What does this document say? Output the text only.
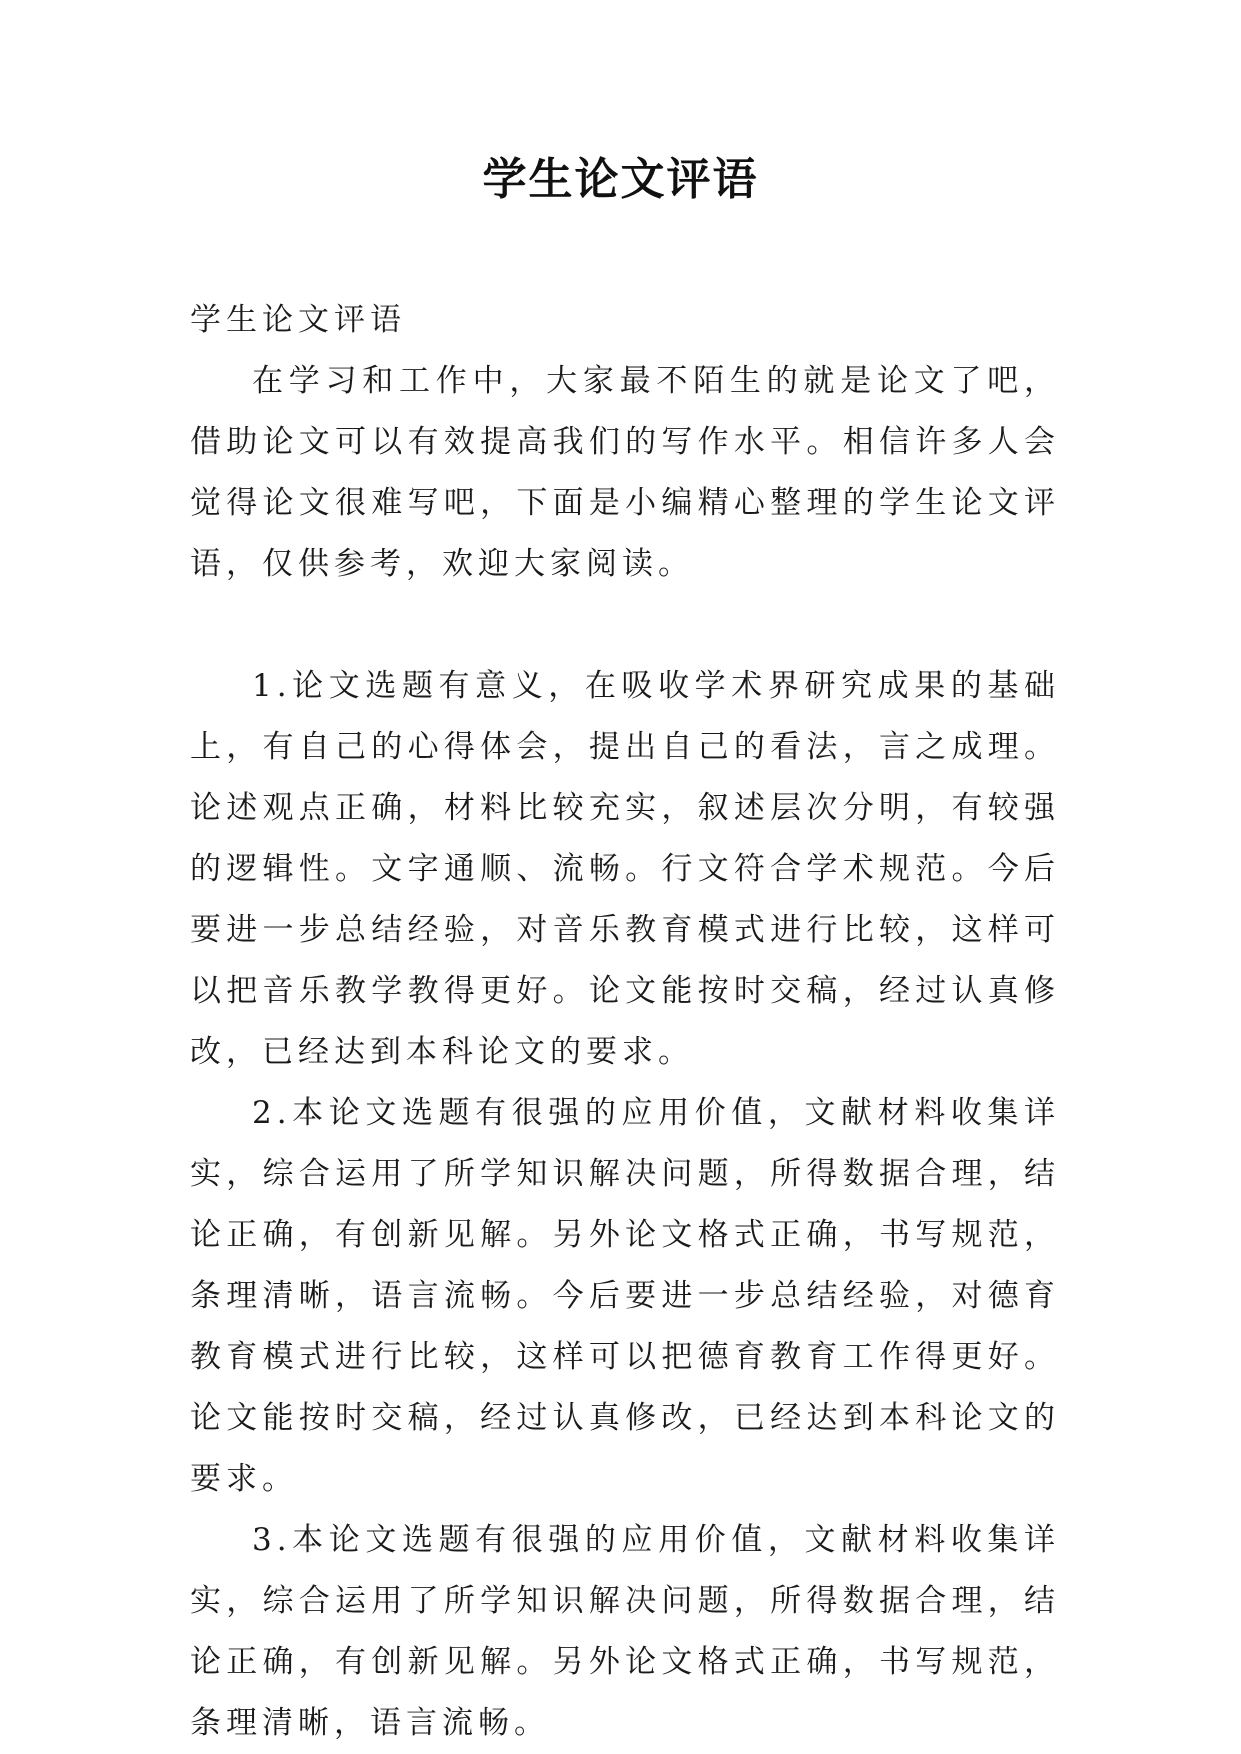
学生论文评语

学生论文评语

在学习和工作中，大家最不陌生的就是论文了吧，借助论文可以有效提高我们的写作水平。相信许多人会觉得论文很难写吧，下面是小编精心整理的学生论文评语，仅供参考，欢迎大家阅读。

1.论文选题有意义，在吸收学术界研究成果的基础上，有自己的心得体会，提出自己的看法，言之成理。论述观点正确，材料比较充实，叙述层次分明，有较强的逻辑性。文字通顺、流畅。行文符合学术规范。今后要进一步总结经验，对音乐教育模式进行比较，这样可以把音乐教学教得更好。论文能按时交稿，经过认真修改，已经达到本科论文的要求。

2.本论文选题有很强的应用价值，文献材料收集详实，综合运用了所学知识解决问题，所得数据合理，结论正确，有创新见解。另外论文格式正确，书写规范，条理清晰，语言流畅。今后要进一步总结经验，对德育教育模式进行比较，这样可以把德育教育工作得更好。论文能按时交稿，经过认真修改，已经达到本科论文的要求。

3.本论文选题有很强的应用价值，文献材料收集详实，综合运用了所学知识解决问题，所得数据合理，结论正确，有创新见解。另外论文格式正确，书写规范，条理清晰，语言流畅。
